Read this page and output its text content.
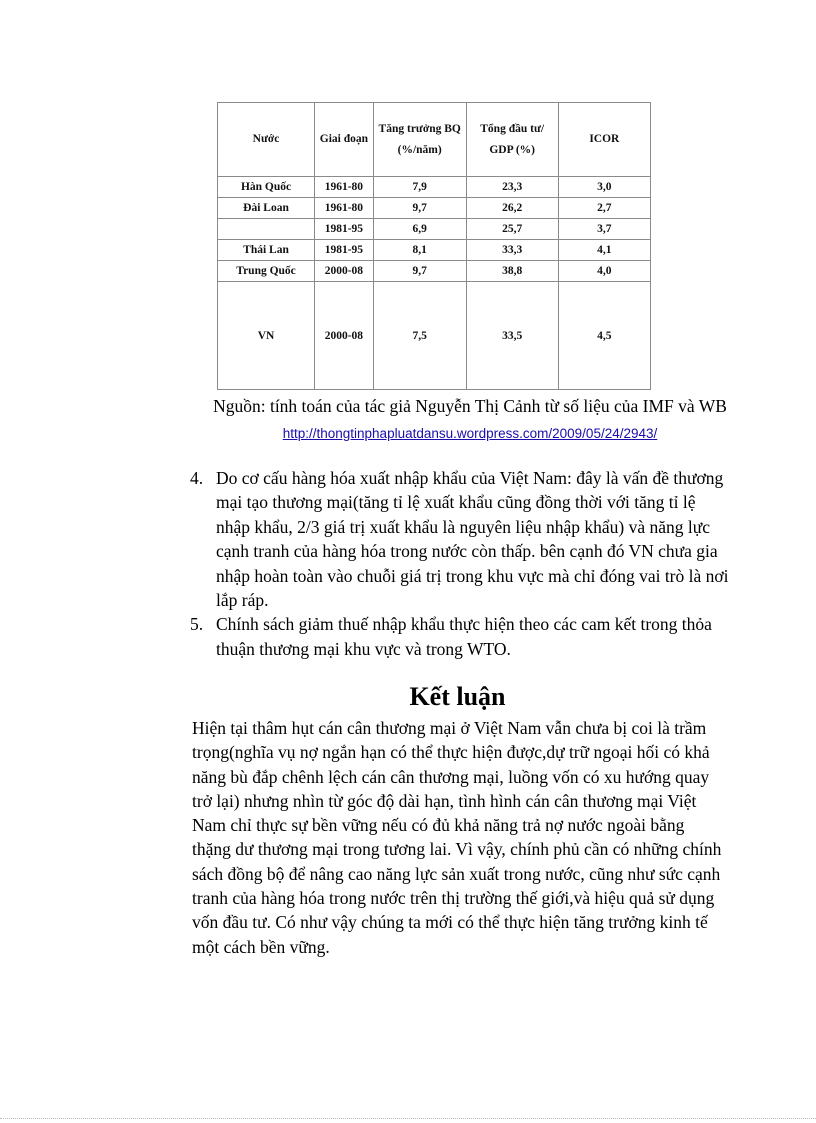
Nước	Giai đoạn	Tăng trưởng BQ (%/năm)	Tổng đầu tư/ GDP (%)	ICOR
Hàn Quốc	1961-80	7,9	23,3	3,0
Đài Loan	1961-80	9,7	26,2	2,7
	1981-95	6,9	25,7	3,7
Thái Lan	1981-95	8,1	33,3	4,1
Trung Quốc	2000-08	9,7	38,8	4,0
VN	2000-08	7,5	33,5	4,5
Nguồn: tính toán của tác giả Nguyễn Thị Cảnh từ số liệu của IMF và WB http://thongtinphapluatdansu.wordpress.com/2009/05/24/2943/
4. Do cơ cấu hàng hóa xuất nhập khẩu của Việt Nam: đây là vấn đề thương mại tạo thương mại(tăng tỉ lệ xuất khẩu cũng đồng thời với tăng tỉ lệ nhập khẩu, 2/3 giá trị xuất khẩu là nguyên liệu nhập khẩu) và năng lực cạnh tranh của hàng hóa trong nước còn thấp. bên cạnh đó VN chưa gia nhập hoàn toàn vào chuỗi giá trị trong khu vực mà chỉ đóng vai trò là nơi lắp ráp.

5. Chính sách giảm thuế nhập khẩu thực hiện theo các cam kết trong thỏa thuận thương mại khu vực và trong WTO.

Kết luận

Hiện tại thâm hụt cán cân thương mại ở Việt Nam vẫn chưa bị coi là trầm trọng(nghĩa vụ nợ ngắn hạn có thể thực hiện được,dự trữ ngoại hối có khả năng bù đắp chênh lệch cán cân thương mại, luồng vốn có xu hướng quay trở lại) nhưng nhìn từ góc độ dài hạn, tình hình cán cân thương mại Việt Nam chỉ thực sự bền vững nếu có đủ khả năng trả nợ nước ngoài bằng thặng dư thương mại trong tương lai. Vì vậy, chính phủ cần có những chính sách đồng bộ để nâng cao năng lực sản xuất trong nước, cũng như sức cạnh tranh của hàng hóa trong nước trên thị trường thế giới,và hiệu quả sử dụng vốn đầu tư. Có như vậy chúng ta mới có thể thực hiện tăng trưởng kinh tế một cách bền vững.
